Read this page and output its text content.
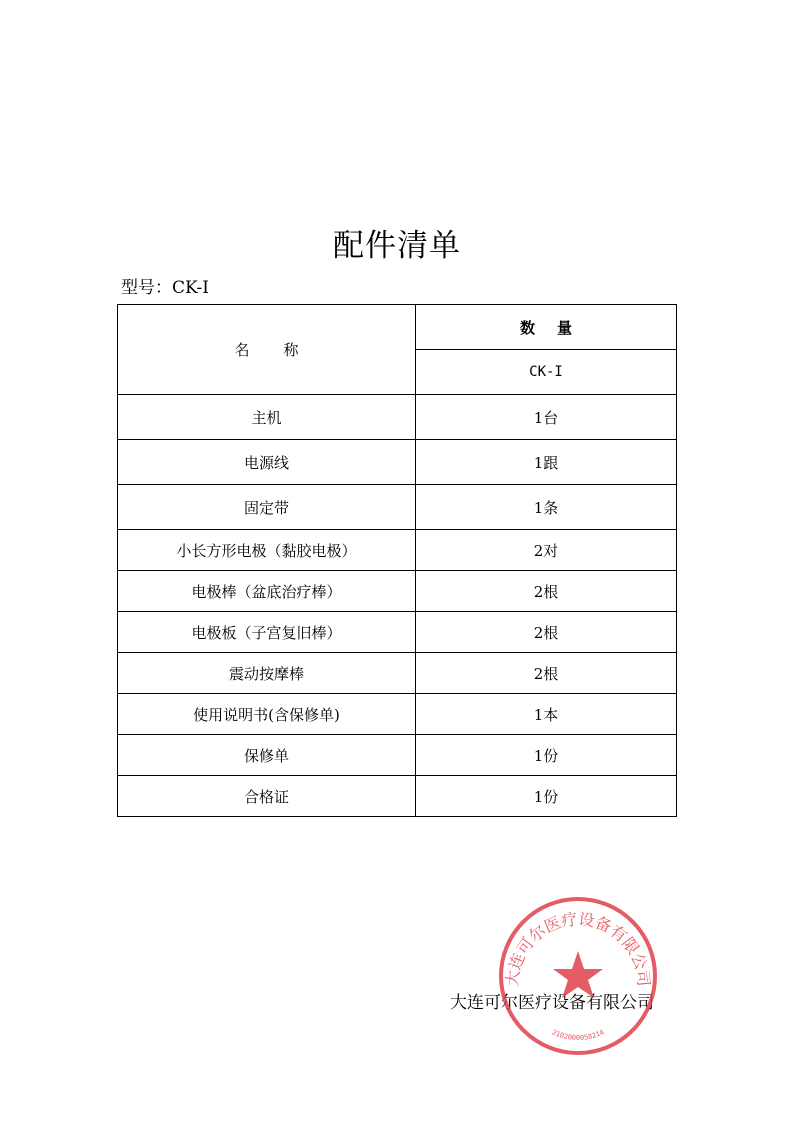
配件清单
型号：CK-I
名称	数量
	CK-I
主机	1台
电源线	1跟
固定带	1条
小长方形电极（黏胶电极）	2对
电极棒（盆底治疗棒）	2根
电极板（子宫复旧棒）	2根
震动按摩棒	2根
使用说明书(含保修单)	1本
保修单	1份
合格证	1份
大连可尔医疗设备有限公司
大连可尔医疗设备有限公司
2102000058214
